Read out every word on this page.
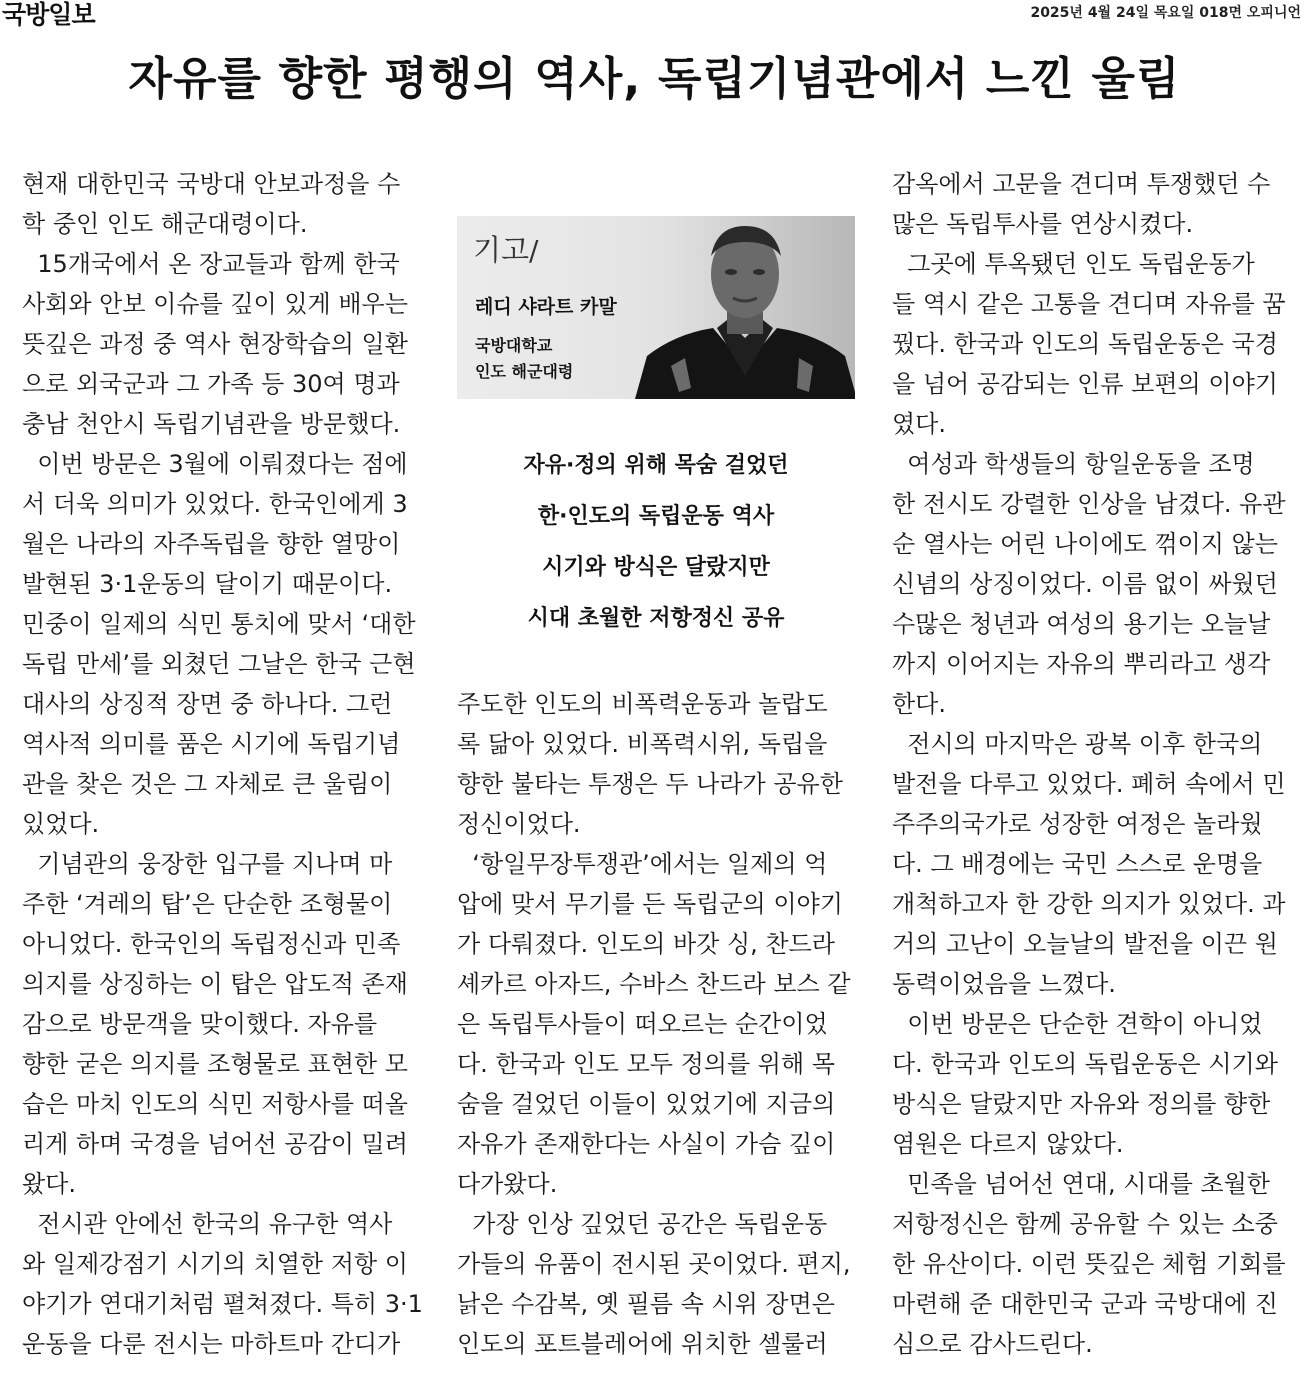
국방일보	2025년 4월 24일 목요일 018면 오피니언
자유를 향한 평행의 역사, 독립기념관에서 느낀 울림

현재 대한민국 국방대 안보과정을 수

학 중인 인도 해군대령이다.

15개국에서 온 장교들과 함께 한국

사회와 안보 이슈를 깊이 있게 배우는

뜻깊은 과정 중 역사 현장학습의 일환

으로 외국군과 그 가족 등 30여 명과

충남 천안시 독립기념관을 방문했다.

이번 방문은 3월에 이뤄졌다는 점에

서 더욱 의미가 있었다. 한국인에게 3

월은 나라의 자주독립을 향한 열망이

발현된 3·1운동의 달이기 때문이다.

민중이 일제의 식민 통치에 맞서 ‘대한

독립 만세’를 외쳤던 그날은 한국 근현

대사의 상징적 장면 중 하나다. 그런

역사적 의미를 품은 시기에 독립기념

관을 찾은 것은 그 자체로 큰 울림이

있었다.

기념관의 웅장한 입구를 지나며 마

주한 ‘겨레의 탑’은 단순한 조형물이

아니었다. 한국인의 독립정신과 민족

의지를 상징하는 이 탑은 압도적 존재

감으로 방문객을 맞이했다. 자유를

향한 굳은 의지를 조형물로 표현한 모

습은 마치 인도의 식민 저항사를 떠올

리게 하며 국경을 넘어선 공감이 밀려

왔다.

전시관 안에선 한국의 유구한 역사

와 일제강점기 시기의 치열한 저항 이

야기가 연대기처럼 펼쳐졌다. 특히 3·1

운동을 다룬 전시는 마하트마 간디가

기고/
레디 샤라트 카말
국방대학교
인도 해군대령

자유·정의 위해 목숨 걸었던

한·인도의 독립운동 역사

시기와 방식은 달랐지만

시대 초월한 저항정신 공유

주도한 인도의 비폭력운동과 놀랍도

록 닮아 있었다. 비폭력시위, 독립을

향한 불타는 투쟁은 두 나라가 공유한

정신이었다.

‘항일무장투쟁관’에서는 일제의 억

압에 맞서 무기를 든 독립군의 이야기

가 다뤄졌다. 인도의 바갓 싱, 찬드라

셰카르 아자드, 수바스 찬드라 보스 같

은 독립투사들이 떠오르는 순간이었

다. 한국과 인도 모두 정의를 위해 목

숨을 걸었던 이들이 있었기에 지금의

자유가 존재한다는 사실이 가슴 깊이

다가왔다.

가장 인상 깊었던 공간은 독립운동

가들의 유품이 전시된 곳이었다. 편지,

낡은 수감복, 옛 필름 속 시위 장면은

인도의 포트블레어에 위치한 셀룰러

감옥에서 고문을 견디며 투쟁했던 수

많은 독립투사를 연상시켰다.

그곳에 투옥됐던 인도 독립운동가

들 역시 같은 고통을 견디며 자유를 꿈

꿨다. 한국과 인도의 독립운동은 국경

을 넘어 공감되는 인류 보편의 이야기

였다.

여성과 학생들의 항일운동을 조명

한 전시도 강렬한 인상을 남겼다. 유관

순 열사는 어린 나이에도 꺾이지 않는

신념의 상징이었다. 이름 없이 싸웠던

수많은 청년과 여성의 용기는 오늘날

까지 이어지는 자유의 뿌리라고 생각

한다.

전시의 마지막은 광복 이후 한국의

발전을 다루고 있었다. 폐허 속에서 민

주주의국가로 성장한 여정은 놀라웠

다. 그 배경에는 국민 스스로 운명을

개척하고자 한 강한 의지가 있었다. 과

거의 고난이 오늘날의 발전을 이끈 원

동력이었음을 느꼈다.

이번 방문은 단순한 견학이 아니었

다. 한국과 인도의 독립운동은 시기와

방식은 달랐지만 자유와 정의를 향한

염원은 다르지 않았다.

민족을 넘어선 연대, 시대를 초월한

저항정신은 함께 공유할 수 있는 소중

한 유산이다. 이런 뜻깊은 체험 기회를

마련해 준 대한민국 군과 국방대에 진

심으로 감사드린다.
